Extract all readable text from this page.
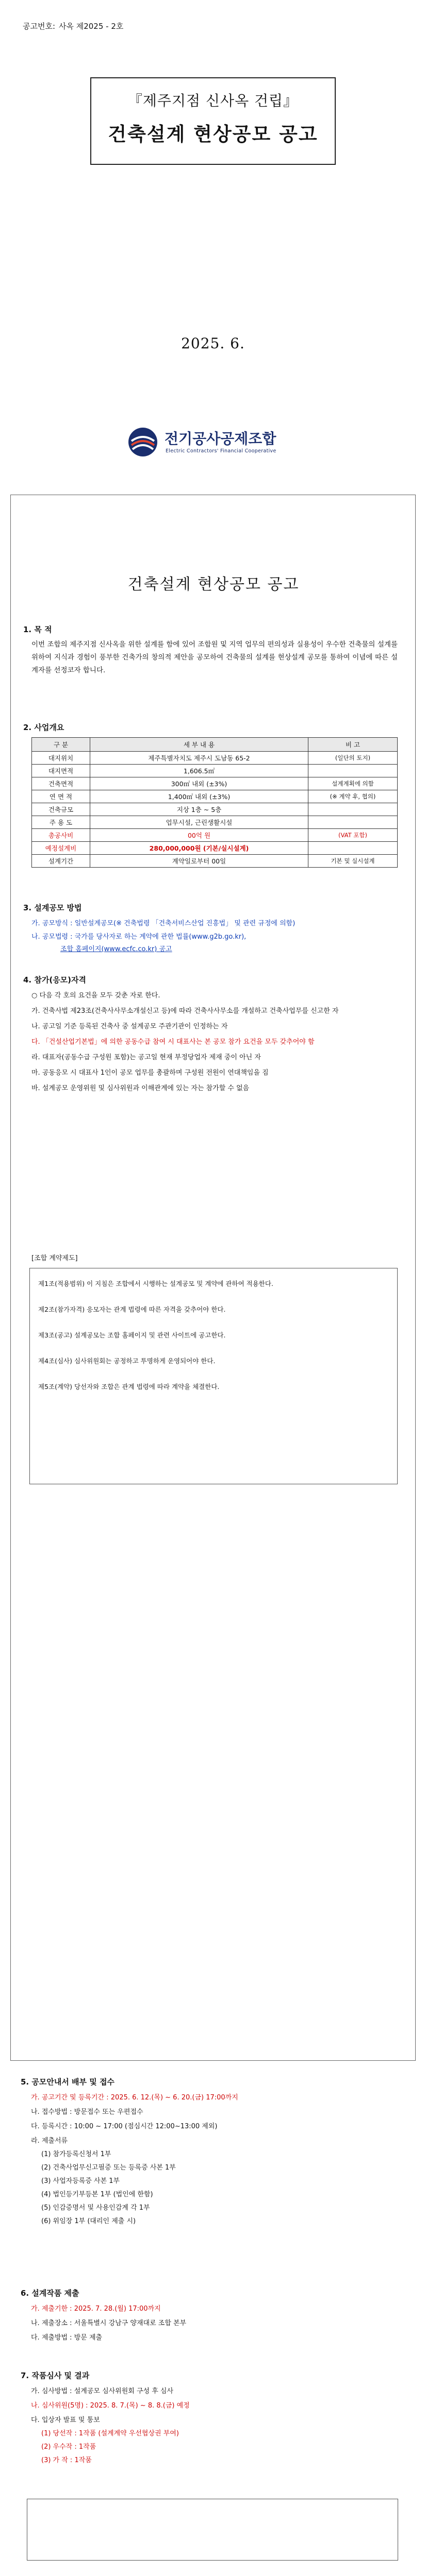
공고번호:사옥 제2025 - 2호
『제주지점 신사옥 건립』
건축설계 현상공모 공고
2025. 6.
전기공사공제조합
Electric Contractors' Financial Cooperative
건축설계 현상공모 공고
1. 목 적
이번 조합의 제주지점 신사옥을 위한 설계를 함에 있어 조합원 및 지역 업무의 편의성과 실용성이 우수한 건축물의 설계를 위하여 지식과 경험이 풍부한 건축가의 창의적 제안을 공모하여 건축물의 설계를 현상설계 공모를 통하여 이념에 따른 설계자를 선정코자 합니다.
2. 사업개요
구 분	세 부 내 용	비 고
대지위치	제주특별자치도 제주시 도남동 65-2	(일단의 토지)
대지면적	1,606.5㎡	
건축면적	300㎡ 내외 (±3%)	설계계획에 의함
연 면 적	1,400㎡ 내외 (±3%)	(※ 계약 후, 협의)
건축규모	지상 1층 ~ 5층	
주 용 도	업무시설, 근린생활시설	
총공사비	00억 원	(VAT 포함)
예정설계비	280,000,000원 (기본/실시설계)	
설계기간	계약일로부터 00일	기본 및 실시설계
3. 설계공모 방법
가. 공모방식 : 일반설계공모(※ 건축법령 「건축서비스산업 진흥법」 및 관련 규정에 의함)
나. 공모법령 : 국가를 당사자로 하는 계약에 관한 법률(www.g2b.go.kr),
조합 홈페이지(www.ecfc.co.kr) 공고
4. 참가(응모)자격
○ 다음 각 호의 요건을 모두 갖춘 자로 한다.
가. 건축사법 제23조(건축사사무소개설신고 등)에 따라 건축사사무소를 개설하고 건축사업무를 신고한 자
나. 공고일 기준 등록된 건축사 중 설계공모 주관기관이 인정하는 자
다. 「건설산업기본법」에 의한 공동수급 참여 시 대표사는 본 공모 참가 요건을 모두 갖추어야 함
라. 대표자(공동수급 구성원 포함)는 공고일 현재 부정당업자 제재 중이 아닌 자
마. 공동응모 시 대표사 1인이 공모 업무를 총괄하며 구성원 전원이 연대책임을 짐
바. 설계공모 운영위원 및 심사위원과 이해관계에 있는 자는 참가할 수 없음
[조합 계약제도]
제1조(적용범위) 이 지침은 조합에서 시행하는 설계공모 및 계약에 관하여 적용한다.
제2조(참가자격) 응모자는 관계 법령에 따른 자격을 갖추어야 한다.
제3조(공고) 설계공모는 조합 홈페이지 및 관련 사이트에 공고한다.
제4조(심사) 심사위원회는 공정하고 투명하게 운영되어야 한다.
제5조(계약) 당선자와 조합은 관계 법령에 따라 계약을 체결한다.
5. 공모안내서 배부 및 접수
가. 공고기간 및 등록기간 : 2025. 6. 12.(목) ~ 6. 20.(금) 17:00까지
나. 접수방법 : 방문접수 또는 우편접수
다. 등록시간 : 10:00 ~ 17:00 (점심시간 12:00~13:00 제외)
라. 제출서류
(1) 참가등록신청서 1부
(2) 건축사업무신고필증 또는 등록증 사본 1부
(3) 사업자등록증 사본 1부
(4) 법인등기부등본 1부 (법인에 한함)
(5) 인감증명서 및 사용인감계 각 1부
(6) 위임장 1부 (대리인 제출 시)
6. 설계작품 제출
가. 제출기한 : 2025. 7. 28.(월) 17:00까지
나. 제출장소 : 서울특별시 강남구 양재대로 조합 본부
다. 제출방법 : 방문 제출
7. 작품심사 및 결과
가. 심사방법 : 설계공모 심사위원회 구성 후 심사
나. 심사위원(5명) : 2025. 8. 7.(목) ~ 8. 8.(금) 예정
다. 입상자 발표 및 통보
(1) 당선작 : 1작품 (설계계약 우선협상권 부여)
(2) 우수작 : 1작품
(3) 가 작 : 1작품
